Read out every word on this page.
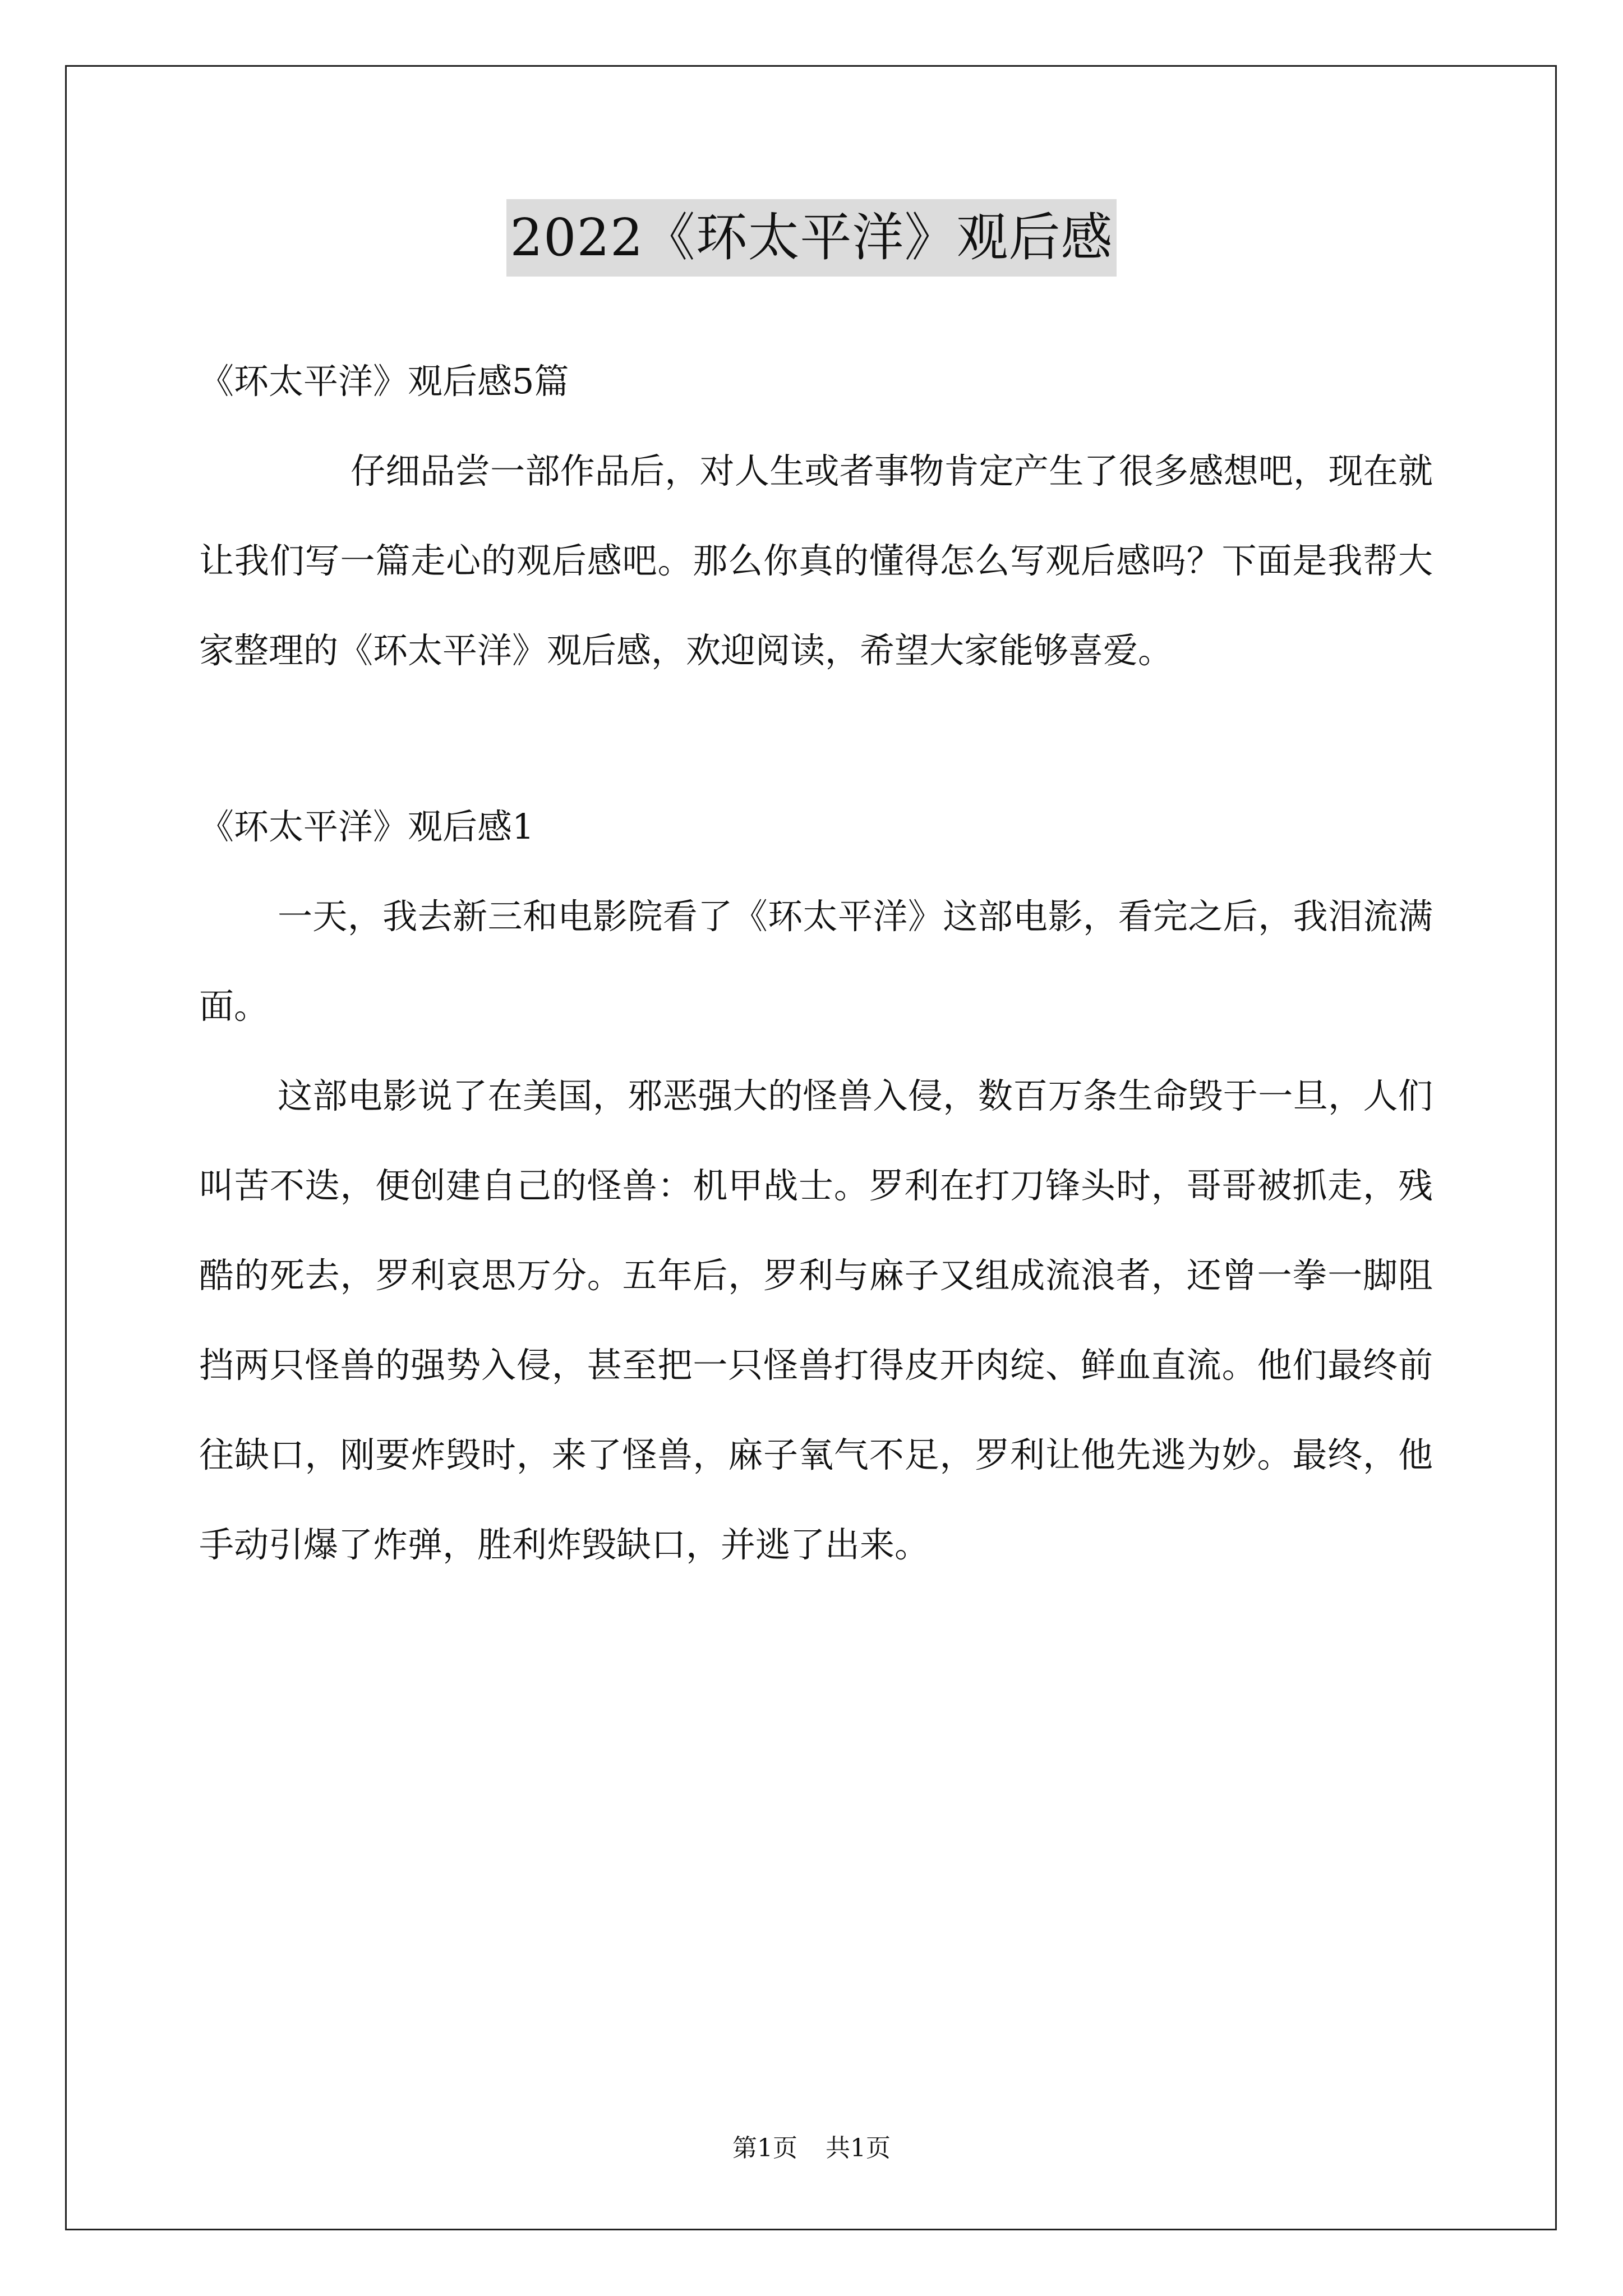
2022《环太平洋》观后感

《环太平洋》观后感5篇

仔细品尝一部作品后，对人生或者事物肯定产生了很多感想吧，现在就让我们写一篇走心的观后感吧。那么你真的懂得怎么写观后感吗？下面是我帮大家整理的《环太平洋》观后感，欢迎阅读，希望大家能够喜爱。

《环太平洋》观后感1

一天，我去新三和电影院看了《环太平洋》这部电影，看完之后，我泪流满面。

这部电影说了在美国，邪恶强大的怪兽入侵，数百万条生命毁于一旦，人们叫苦不迭，便创建自己的怪兽：机甲战士。罗利在打刀锋头时，哥哥被抓走，残酷的死去，罗利哀思万分。五年后，罗利与麻子又组成流浪者，还曾一拳一脚阻挡两只怪兽的强势入侵，甚至把一只怪兽打得皮开肉绽、鲜血直流。他们最终前往缺口，刚要炸毁时，来了怪兽，麻子氧气不足，罗利让他先逃为妙。最终，他手动引爆了炸弹，胜利炸毁缺口，并逃了出来。

第1页 共1页
